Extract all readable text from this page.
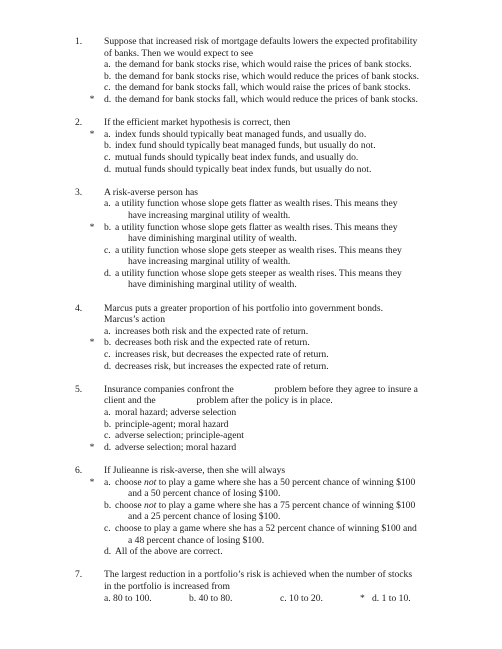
1. Suppose that increased risk of mortgage defaults lowers the expected profitability
of banks. Then we would expect to see
a. the demand for bank stocks rise, which would raise the prices of bank stocks.
b. the demand for bank stocks rise, which would reduce the prices of bank stocks.
c. the demand for bank stocks fall, which would raise the prices of bank stocks.
* d. the demand for bank stocks fall, which would reduce the prices of bank stocks.
2. If the efficient market hypothesis is correct, then
* a. index funds should typically beat managed funds, and usually do.
b. index fund should typically beat managed funds, but usually do not.
c. mutual funds should typically beat index funds, and usually do.
d. mutual funds should typically beat index funds, but usually do not.
3. A risk-averse person has
a. a utility function whose slope gets flatter as wealth rises. This means they
have increasing marginal utility of wealth.
* b. a utility function whose slope gets flatter as wealth rises. This means they
have diminishing marginal utility of wealth.
c. a utility function whose slope gets steeper as wealth rises. This means they
have increasing marginal utility of wealth.
d. a utility function whose slope gets steeper as wealth rises. This means they
have diminishing marginal utility of wealth.
4. Marcus puts a greater proportion of his portfolio into government bonds.
Marcus’s action
a. increases both risk and the expected rate of return.
* b. decreases both risk and the expected rate of return.
c. increases risk, but decreases the expected rate of return.
d. decreases risk, but increases the expected rate of return.
5. Insurance companies confront the	problem before they agree to insure a
client and the	problem after the policy is in place.
a. moral hazard; adverse selection
b. principle-agent; moral hazard
c. adverse selection; principle-agent
* d. adverse selection; moral hazard
6. If Julieanne is risk-averse, then she will always
* a. choose not to play a game where she has a 50 percent chance of winning $100
and a 50 percent chance of losing $100.
b. choose not to play a game where she has a 75 percent chance of winning $100
and a 25 percent chance of losing $100.
c. choose to play a game where she has a 52 percent chance of winning $100 and
a 48 percent chance of losing $100.
d. All of the above are correct.
7. The largest reduction in a portfolio’s risk is achieved when the number of stocks
in the portfolio is increased from
a. 80 to 100.	b. 40 to 80.	c. 10 to 20.	* d. 1 to 10.
